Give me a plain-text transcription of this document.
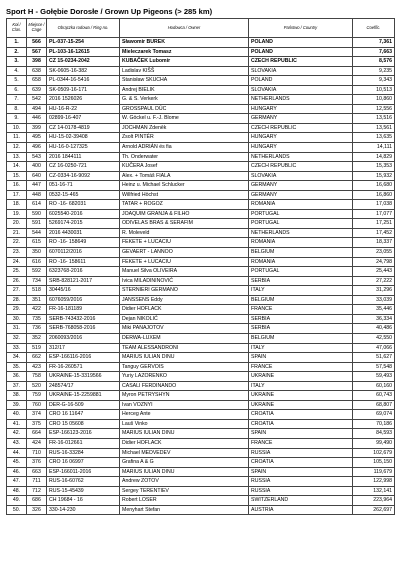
Sport H - Gołębie Dorosłe / Grown Up Pigeons (> 285 km)
Koł./ Clas.	Miejsce / Cage	Obrączka rodowa / Ring no.	Hodowca / Owner	Państwo / Country	Coeffic.
1.	566	PL-037-15-254	Sławomir BUREK	POLAND	7,361
2.	567	PL-103-16-12615	Mieleczarek Tomasz	POLAND	7,663
3.	398	CZ 15-0234-2042	KUBAČEK Lubomír	CZECH REPUBLIC	8,576
4.	638	SK-0605-16-382	Ladislav KIŠŠ	SLOVAKIA	9,235
5.	658	PL-0344-16-5416	Stanisław SKUCHA	POLAND	9,343
6.	639	SK-0509-16-171	Andrej BIELIK	SLOVAKIA	10,513
7.	542	2016 1526026	G. & S. Verkerk	NETHERLANDS	10,860
8.	494	HU-16-R-22	GROSSPAUL DÚC	HUNGARY	12,556
9.	446	02899-16-407	W. Göckel u. F.-J. Blome	GERMANY	13,516
10.	399	CZ 14-0178-4819	JOCHMAN Zdeněk	CZECH REPUBLIC	13,561
11.	495	HU-15-02-39408	Zsolt PINTÉR	HUNGARY	13,635
12.	496	HU-16-0-127325	Arnold ADRIÁN és fia	HUNGARY	14,111
13.	543	2016 1844111	Th. Onderwater	NETHERLANDS	14,829
14.	400	CZ 16-0250-721	KUČERA Josef	CZECH REPUBLIC	15,353
15.	640	CZ-0334-16-9092	Alex. + Tomáš FIALA	SLOVAKIA	15,932
16.	447	051-16-71	Heinz u. Michael Schlucker	GERMANY	16,680
17.	448	0532-15-465	Willfried Höchst	GERMANY	16,860
18.	614	RO -16- 682031	TATAR + ROGOZ	ROMANIA	17,038
19.	590	6025540-2016	JOAQUIM GRANJA & FILHO	PORTUGAL	17,077
20.	591	5269174-2015	ODIVELAS BRAS & SERAFIM	PORTUGAL	17,251
21.	544	2016 4430031	R. Moleveld	NETHERLANDS	17,452
22.	615	RO -16- 158649	FEKETE + LUCACIU	ROMANIA	18,337
23.	350	6070112/2016	GEVAERT - LANNOO	BELGIUM	23,055
24.	616	RO -16- 158611	FEKETE + LUCACIU	ROMANIA	24,798
25.	592	6323768-2016	Manuel Silva OLIVEIRA	PORTUGAL	25,443
26.	734	SRB-828121-2017	Ivica MILADININOVIĆ	SERBIA	27,222
27.	518	30445/16	STERNIERI GERMANO	ITALY	31,296
28.	351	6076059/2016	JANSSENS Eddy	BELGIUM	33,039
29.	422	FR-16-181189	Didier HOFLACK	FRANCE	35,446
30.	735	SERB-743432-2016	Dejan NIKOLIĆ	SERBIA	36,334
31.	736	SERB-768058-2016	Miki PANAJOTOV	SERBIA	40,486
32.	352	2060093/2016	DERWA-LUXEM	BELGIUM	42,550
33.	519	312/17	TEAM ALESSANDRONI	ITALY	47,066
34.	662	ESP-166116-2016	MARIUS IULIAN DINU	SPAIN	51,627
35.	423	FR-16-260571	Tanguy GERVOIS	FRANCE	57,548
36.	758	UKRAINE-15-3319566	Yuriy LAZORENKO	UKRAINE	59,493
37.	520	248574/17	CASALI FERDINANDO	ITALY	60,160
38.	759	UKRAINE-15-2259881	Myron PETRYSHYN	UKRAINE	60,743
39.	760	DER-G-16-509	Ivan VOZNYI	UKRAINE	68,807
40.	374	CRO 16 11647	Herceg Ante	CROATIA	69,074
41.	375	CRO 15 05608	Lauš Vinko	CROATIA	70,186
42.	664	ESP-166123-2016	MARIUS IULIAN DINU	SPAIN	84,593
43.	424	FR-16-012661	Didier HOFLACK	FRANCE	99,490
44.	710	RUS-16-33284	Michael MEDVEDEV	RUSSIA	102,679
45.	376	CRO 16 06997	Grafina A & G	CROATIA	105,150
46.	663	ESP-166011-2016	MARIUS IULIAN DINU	SPAIN	119,679
47.	711	RUS-16-60762	Andrew ZOTOV	RUSSIA	122,998
48.	712	RUS-15-45439	Sergey TERENTIEV	RUSSIA	132,141
49.	686	CH 19684 - 16	Robert LOSER	SWITZERLAND	223,964
50.	326	330-14-230	Menyhart Stefan	AUSTRIA	262,697
